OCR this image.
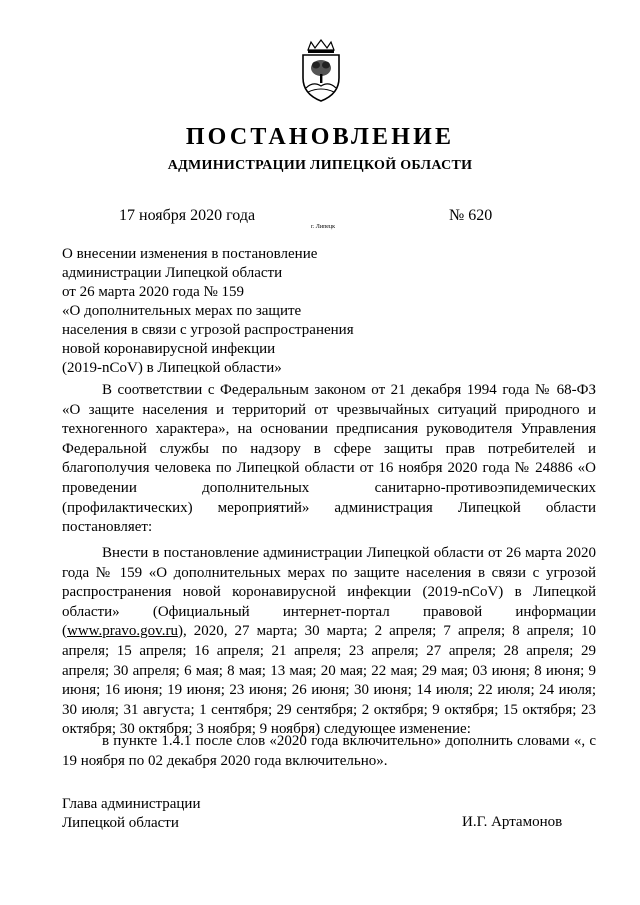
ПОСТАНОВЛЕНИЕ
АДМИНИСТРАЦИИ ЛИПЕЦКОЙ ОБЛАСТИ
17 ноября 2020 года
г. Липецк
№ 620
О внесении изменения в постановление
администрации Липецкой области
от 26 марта 2020 года № 159
«О дополнительных мерах по защите
населения в связи с угрозой распространения
новой коронавирусной инфекции
(2019-nCoV) в Липецкой области»

В соответствии с Федеральным законом от 21 декабря 1994 года № 68-ФЗ «О защите населения и территорий от чрезвычайных ситуаций природного и техногенного характера», на основании предписания руководителя Управления Федеральной службы по надзору в сфере защиты прав потребителей и благополучия человека по Липецкой области от 16 ноября 2020 года № 24886 «О проведении дополнительных санитарно-противоэпидемических (профилактических) мероприятий» администрация Липецкой области постановляет:

Внести в постановление администрации Липецкой области от 26 марта 2020 года № 159 «О дополнительных мерах по защите населения в связи с угрозой распространения новой коронавирусной инфекции (2019-nCoV) в Липецкой области» (Официальный интернет-портал правовой информации (www.pravo.gov.ru), 2020, 27 марта; 30 марта; 2 апреля; 7 апреля; 8 апреля; 10 апреля; 15 апреля; 16 апреля; 21 апреля; 23 апреля; 27 апреля; 28 апреля; 29 апреля; 30 апреля; 6 мая; 8 мая; 13 мая; 20 мая; 22 мая; 29 мая; 03 июня; 8 июня; 9 июня; 16 июня; 19 июня; 23 июня; 26 июня; 30 июня; 14 июля; 22 июля; 24 июля; 30 июля; 31 августа; 1 сентября; 29 сентября; 2 октября; 9 октября; 15 октября; 23 октября; 30 октября; 3 ноября; 9 ноября) следующее изменение:

в пункте 1.4.1 после слов «2020 года включительно» дополнить словами «, с 19 ноября по 02 декабря 2020 года включительно».

Глава администрации
Липецкой области	И.Г. Артамонов
